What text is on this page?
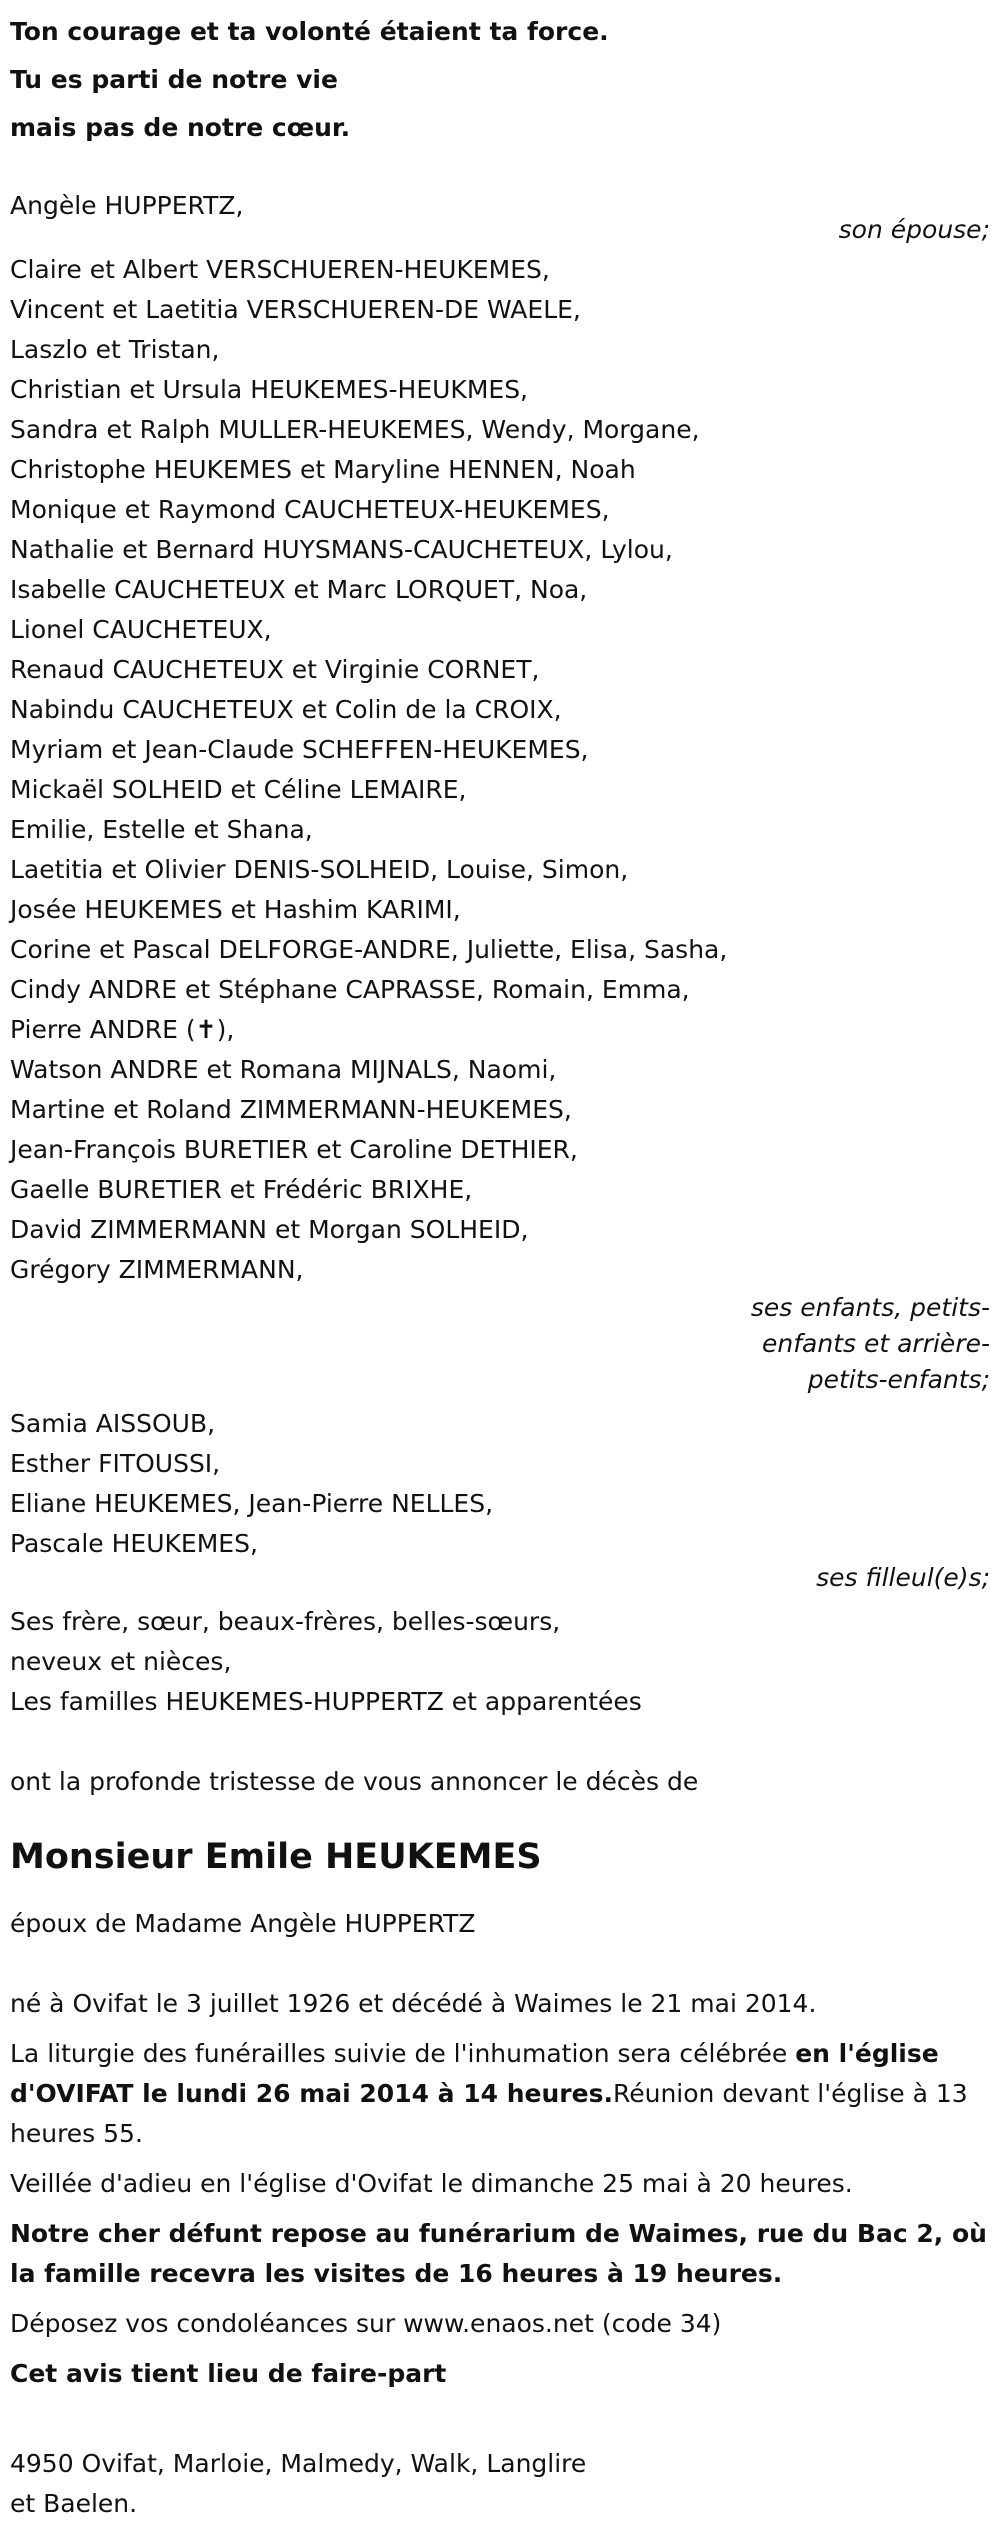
Ton courage et ta volonté étaient ta force.
Tu es parti de notre vie
mais pas de notre cœur.

Angèle HUPPERTZ,

son épouse;

Claire et Albert VERSCHUEREN-HEUKEMES,

Vincent et Laetitia VERSCHUEREN-DE WAELE,

Laszlo et Tristan,

Christian et Ursula HEUKEMES-HEUKMES,

Sandra et Ralph MULLER-HEUKEMES, Wendy, Morgane,

Christophe HEUKEMES et Maryline HENNEN, Noah

Monique et Raymond CAUCHETEUX-HEUKEMES,

Nathalie et Bernard HUYSMANS-CAUCHETEUX, Lylou,

Isabelle CAUCHETEUX et Marc LORQUET, Noa,

Lionel CAUCHETEUX,

Renaud CAUCHETEUX et Virginie CORNET,

Nabindu CAUCHETEUX et Colin de la CROIX,

Myriam et Jean-Claude SCHEFFEN-HEUKEMES,

Mickaël SOLHEID et Céline LEMAIRE,

Emilie, Estelle et Shana,

Laetitia et Olivier DENIS-SOLHEID, Louise, Simon,

Josée HEUKEMES et Hashim KARIMI,

Corine et Pascal DELFORGE-ANDRE, Juliette, Elisa, Sasha,

Cindy ANDRE et Stéphane CAPRASSE, Romain, Emma,

Pierre ANDRE (✝),

Watson ANDRE et Romana MIJNALS, Naomi,

Martine et Roland ZIMMERMANN-HEUKEMES,

Jean-François BURETIER et Caroline DETHIER,

Gaelle BURETIER et Frédéric BRIXHE,

David ZIMMERMANN et Morgan SOLHEID,

Grégory ZIMMERMANN,

ses enfants, petits-
enfants et arrière-
petits-enfants;

Samia AISSOUB,

Esther FITOUSSI,

Eliane HEUKEMES, Jean-Pierre NELLES,

Pascale HEUKEMES,

ses filleul(e)s;

Ses frère, sœur, beaux-frères, belles-sœurs,

neveux et nièces,

Les familles HEUKEMES-HUPPERTZ et apparentées

ont la profonde tristesse de vous annoncer le décès de

Monsieur Emile HEUKEMES

époux de Madame Angèle HUPPERTZ

né à Ovifat le 3 juillet 1926 et décédé à Waimes le 21 mai 2014.

La liturgie des funérailles suivie de l'inhumation sera célébrée en l'église d'OVIFAT le lundi 26 mai 2014 à 14 heures.Réunion devant l'église à 13 heures 55.

Veillée d'adieu en l'église d'Ovifat le dimanche 25 mai à 20 heures.

Notre cher défunt repose au funérarium de Waimes, rue du Bac 2, où la famille recevra les visites de 16 heures à 19 heures.

Déposez vos condoléances sur www.enaos.net (code 34)

Cet avis tient lieu de faire-part

4950 Ovifat, Marloie, Malmedy, Walk, Langlire

et Baelen.
